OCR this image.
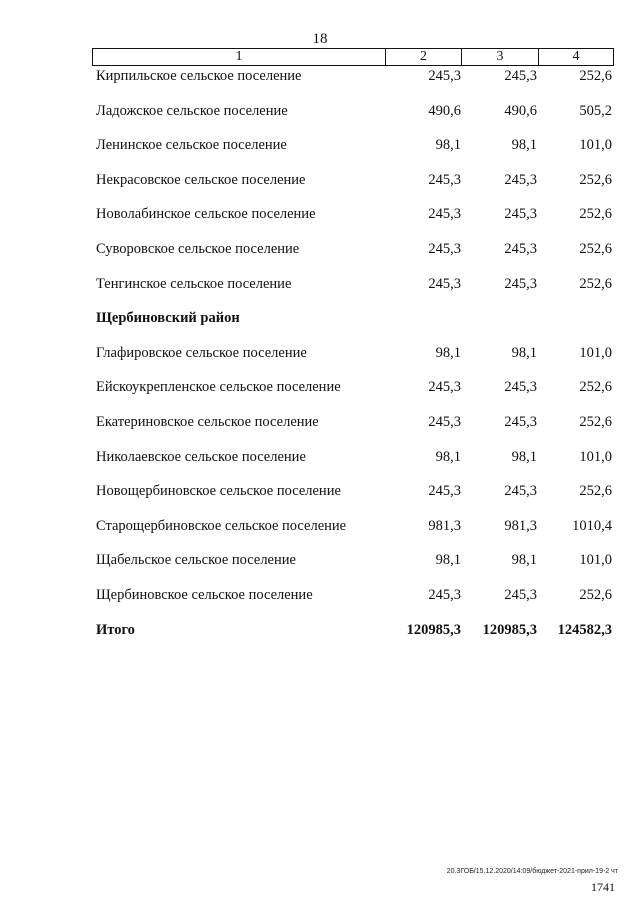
18
1	2	3	4
Кирпильское сельское поселение	245,3	245,3	252,6
Ладожское сельское поселение	490,6	490,6	505,2
Ленинское сельское поселение	98,1	98,1	101,0
Некрасовское сельское поселение	245,3	245,3	252,6
Новолабинское сельское поселение	245,3	245,3	252,6
Суворовское сельское поселение	245,3	245,3	252,6
Тенгинское сельское поселение	245,3	245,3	252,6
Щербиновский район
Глафировское сельское поселение	98,1	98,1	101,0
Ейскоукрепленское сельское поселение	245,3	245,3	252,6
Екатериновское сельское поселение	245,3	245,3	252,6
Николаевское сельское поселение	98,1	98,1	101,0
Новощербиновское сельское поселение	245,3	245,3	252,6
Старощербиновское сельское поселение	981,3	981,3	1010,4
Щабельское сельское поселение	98,1	98,1	101,0
Щербиновское сельское поселение	245,3	245,3	252,6
Итого	120985,3	120985,3	124582,3
20.3ГОБ/15.12.2020/14:09/бюджет-2021-прил-19-2 чт
1741
